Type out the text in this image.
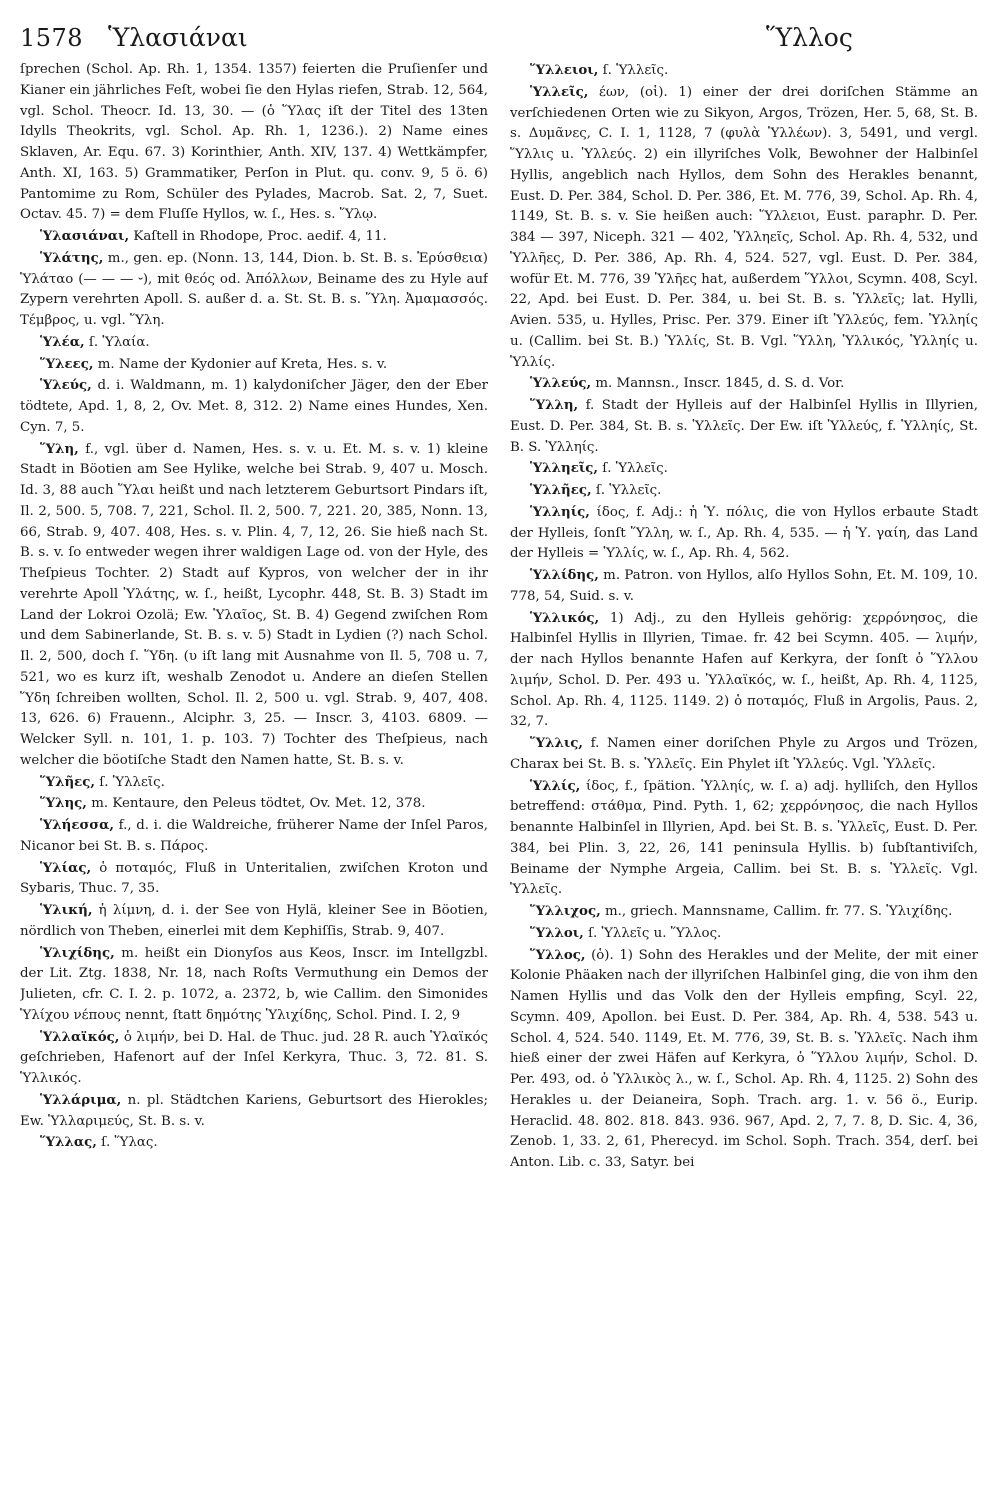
1578 Ὑλασιάναι	Ὕλλος

ſprechen (Schol. Ap. Rh. 1, 1354. 1357) feierten die Pruſienſer und Kianer ein jährliches Feſt, wobei ſie den Hylas riefen, Strab. 12, 564, vgl. Schol. Theocr. Id. 13, 30. — (ὁ Ὕλας iſt der Titel des 13ten Idylls Theokrits, vgl. Schol. Ap. Rh. 1, 1236.). 2) Name eines Sklaven, Ar. Equ. 67. 3) Korinthier, Anth. XIV, 137. 4) Wettkämpfer, Anth. XI, 163. 5) Grammatiker, Perſon in Plut. qu. conv. 9, 5 ö. 6) Pantomime zu Rom, Schüler des Pylades, Macrob. Sat. 2, 7, Suet. Octav. 45. 7) = dem Fluſſe Hyllos, w. ſ., Hes. s. Ὕλῳ.

Ὑλασιάναι, Kaſtell in Rhodope, Proc. aedif. 4, 11.

Ὑλάτης, m., gen. ep. (Nonn. 13, 144, Dion. b. St. B. s. Ἐρύσθεια) Ὑλάταο (— — — ⏑), mit θεός od. Ἀπόλλων, Beiname des zu Hyle auf Zypern verehrten Apoll. S. außer d. a. St. St. B. s. Ὕλη. Ἀμαμασσός. Τέμβρος, u. vgl. Ὕλη.

Ὑλέα, ſ. Ὑλαία.

Ὕλεες, m. Name der Kydonier auf Kreta, Hes. s. v.

Ὑλεύς, d. i. Waldmann, m. 1) kalydoniſcher Jäger, den der Eber tödtete, Apd. 1, 8, 2, Ov. Met. 8, 312. 2) Name eines Hundes, Xen. Cyn. 7, 5.

Ὕλη, f., vgl. über d. Namen, Hes. s. v. u. Et. M. s. v. 1) kleine Stadt in Böotien am See Hylike, welche bei Strab. 9, 407 u. Mosch. Id. 3, 88 auch Ὕλαι heißt und nach letzterem Geburtsort Pindars iſt, Il. 2, 500. 5, 708. 7, 221, Schol. Il. 2, 500. 7, 221. 20, 385, Nonn. 13, 66, Strab. 9, 407. 408, Hes. s. v. Plin. 4, 7, 12, 26. Sie hieß nach St. B. s. v. ſo entweder wegen ihrer waldigen Lage od. von der Hyle, des Theſpieus Tochter. 2) Stadt auf Kypros, von welcher der in ihr verehrte Apoll Ὑλάτης, w. ſ., heißt, Lycophr. 448, St. B. 3) Stadt im Land der Lokroi Ozolä; Ew. Ὑλαῖος, St. B. 4) Gegend zwiſchen Rom und dem Sabinerlande, St. B. s. v. 5) Stadt in Lydien (?) nach Schol. Il. 2, 500, doch ſ. Ὕδη. (υ iſt lang mit Ausnahme von Il. 5, 708 u. 7, 521, wo es kurz iſt, weshalb Zenodot u. Andere an dieſen Stellen Ὕδη ſchreiben wollten, Schol. Il. 2, 500 u. vgl. Strab. 9, 407, 408. 13, 626. 6) Frauenn., Alciphr. 3, 25. — Inscr. 3, 4103. 6809. — Welcker Syll. n. 101, 1. p. 103. 7) Tochter des Theſpieus, nach welcher die böotiſche Stadt den Namen hatte, St. B. s. v.

Ὕλῆες, ſ. Ὑλλεῖς.

Ὕλης, m. Kentaure, den Peleus tödtet, Ov. Met. 12, 378.

Ὑλήεσσα, f., d. i. die Waldreiche, früherer Name der Inſel Paros, Nicanor bei St. B. s. Πάρος.

Ὑλίας, ὁ ποταμός, Fluß in Unteritalien, zwiſchen Kroton und Sybaris, Thuc. 7, 35.

Ὑλική, ἡ λίμνη, d. i. der See von Hylä, kleiner See in Böotien, nördlich von Theben, einerlei mit dem Kephiſſis, Strab. 9, 407.

Ὑλιχίδης, m. heißt ein Dionyſos aus Keos, Inscr. im Intellgzbl. der Lit. Ztg. 1838, Nr. 18, nach Roſts Vermuthung ein Demos der Julieten, cfr. C. I. 2. p. 1072, a. 2372, b, wie Callim. den Simonides Ὑλίχου νέπους nennt, ſtatt δημότης Ὑλιχίδης, Schol. Pind. I. 2, 9

Ὑλλαϊκός, ὁ λιμήν, bei D. Hal. de Thuc. jud. 28 R. auch Ὑλαϊκός geſchrieben, Hafenort auf der Inſel Kerkyra, Thuc. 3, 72. 81. S. Ὑλλικός.

Ὑλλάριμα, n. pl. Städtchen Kariens, Geburtsort des Hierokles; Ew. Ὑλλαριμεύς, St. B. s. v.

Ὕλλας, ſ. Ὕλας.

Ὕλλειοι, ſ. Ὑλλεῖς.

Ὑλλεῖς, έων, (οἱ). 1) einer der drei doriſchen Stämme an verſchiedenen Orten wie zu Sikyon, Argos, Trözen, Her. 5, 68, St. B. s. Δυμᾶνες, C. I. 1, 1128, 7 (φυλὰ Ὑλλέων). 3, 5491, und vergl. Ὕλλις u. Ὑλλεύς. 2) ein illyriſches Volk, Bewohner der Halbinſel Hyllis, angeblich nach Hyllos, dem Sohn des Herakles benannt, Eust. D. Per. 384, Schol. D. Per. 386, Et. M. 776, 39, Schol. Ap. Rh. 4, 1149, St. B. s. v. Sie heißen auch: Ὕλλειοι, Eust. paraphr. D. Per. 384 — 397, Niceph. 321 — 402, Ὑλληεῖς, Schol. Ap. Rh. 4, 532, und Ὑλλῆες, D. Per. 386, Ap. Rh. 4, 524. 527, vgl. Eust. D. Per. 384, wofür Et. M. 776, 39 Ὑλῆες hat, außerdem Ὕλλοι, Scymn. 408, Scyl. 22, Apd. bei Eust. D. Per. 384, u. bei St. B. s. Ὑλλεῖς; lat. Hylli, Avien. 535, u. Hylles, Prisc. Per. 379. Einer iſt Ὑλλεύς, fem. Ὑλληίς u. (Callim. bei St. B.) Ὑλλίς, St. B. Vgl. Ὕλλη, Ὑλλικός, Ὑλληίς u. Ὑλλίς.

Ὑλλεύς, m. Mannsn., Inscr. 1845, d. S. d. Vor.

Ὕλλη, f. Stadt der Hylleis auf der Halbinſel Hyllis in Illyrien, Eust. D. Per. 384, St. B. s. Ὑλλεῖς. Der Ew. iſt Ὑλλεύς, f. Ὑλληίς, St. B. S. Ὑλληίς.

Ὑλληεῖς, ſ. Ὑλλεῖς.

Ὑλλῆες, ſ. Ὑλλεῖς.

Ὑλληίς, ίδος, f. Adj.: ἡ Ὑ. πόλις, die von Hyllos erbaute Stadt der Hylleis, ſonſt Ὕλλη, w. ſ., Ap. Rh. 4, 535. — ἡ Ὑ. γαίη, das Land der Hylleis = Ὑλλίς, w. ſ., Ap. Rh. 4, 562.

Ὑλλίδης, m. Patron. von Hyllos, alſo Hyllos Sohn, Et. M. 109, 10. 778, 54, Suid. s. v.

Ὑλλικός, 1) Adj., zu den Hylleis gehörig: χερρόνησος, die Halbinſel Hyllis in Illyrien, Timae. fr. 42 bei Scymn. 405. — λιμήν, der nach Hyllos benannte Hafen auf Kerkyra, der ſonſt ὁ Ὕλλου λιμήν, Schol. D. Per. 493 u. Ὑλλαϊκός, w. ſ., heißt, Ap. Rh. 4, 1125, Schol. Ap. Rh. 4, 1125. 1149. 2) ὁ ποταμός, Fluß in Argolis, Paus. 2, 32, 7.

Ὕλλις, f. Namen einer doriſchen Phyle zu Argos und Trözen, Charax bei St. B. s. Ὑλλεῖς. Ein Phylet iſt Ὑλλεύς. Vgl. Ὑλλεῖς.

Ὑλλίς, ίδος, f., ſpätion. Ὑλληίς, w. ſ. a) adj. hylliſch, den Hyllos betreffend: στάθμα, Pind. Pyth. 1, 62; χερρόνησος, die nach Hyllos benannte Halbinſel in Illyrien, Apd. bei St. B. s. Ὑλλεῖς, Eust. D. Per. 384, bei Plin. 3, 22, 26, 141 peninsula Hyllis. b) ſubſtantiviſch, Beiname der Nymphe Argeia, Callim. bei St. B. s. Ὑλλεῖς. Vgl. Ὑλλεῖς.

Ὕλλιχος, m., griech. Mannsname, Callim. fr. 77. S. Ὑλιχίδης.

Ὕλλοι, ſ. Ὑλλεῖς u. Ὕλλος.

Ὕλλος, (ὁ). 1) Sohn des Herakles und der Melite, der mit einer Kolonie Phäaken nach der illyriſchen Halbinſel ging, die von ihm den Namen Hyllis und das Volk den der Hylleis empfing, Scyl. 22, Scymn. 409, Apollon. bei Eust. D. Per. 384, Ap. Rh. 4, 538. 543 u. Schol. 4, 524. 540. 1149, Et. M. 776, 39, St. B. s. Ὑλλεῖς. Nach ihm hieß einer der zwei Häfen auf Kerkyra, ὁ Ὕλλου λιμήν, Schol. D. Per. 493, od. ὁ Ὑλλικὸς λ., w. ſ., Schol. Ap. Rh. 4, 1125. 2) Sohn des Herakles u. der Deianeira, Soph. Trach. arg. 1. v. 56 ö., Eurip. Heraclid. 48. 802. 818. 843. 936. 967, Apd. 2, 7, 7. 8, D. Sic. 4, 36, Zenob. 1, 33. 2, 61, Pherecyd. im Schol. Soph. Trach. 354, derſ. bei Anton. Lib. c. 33, Satyr. bei
